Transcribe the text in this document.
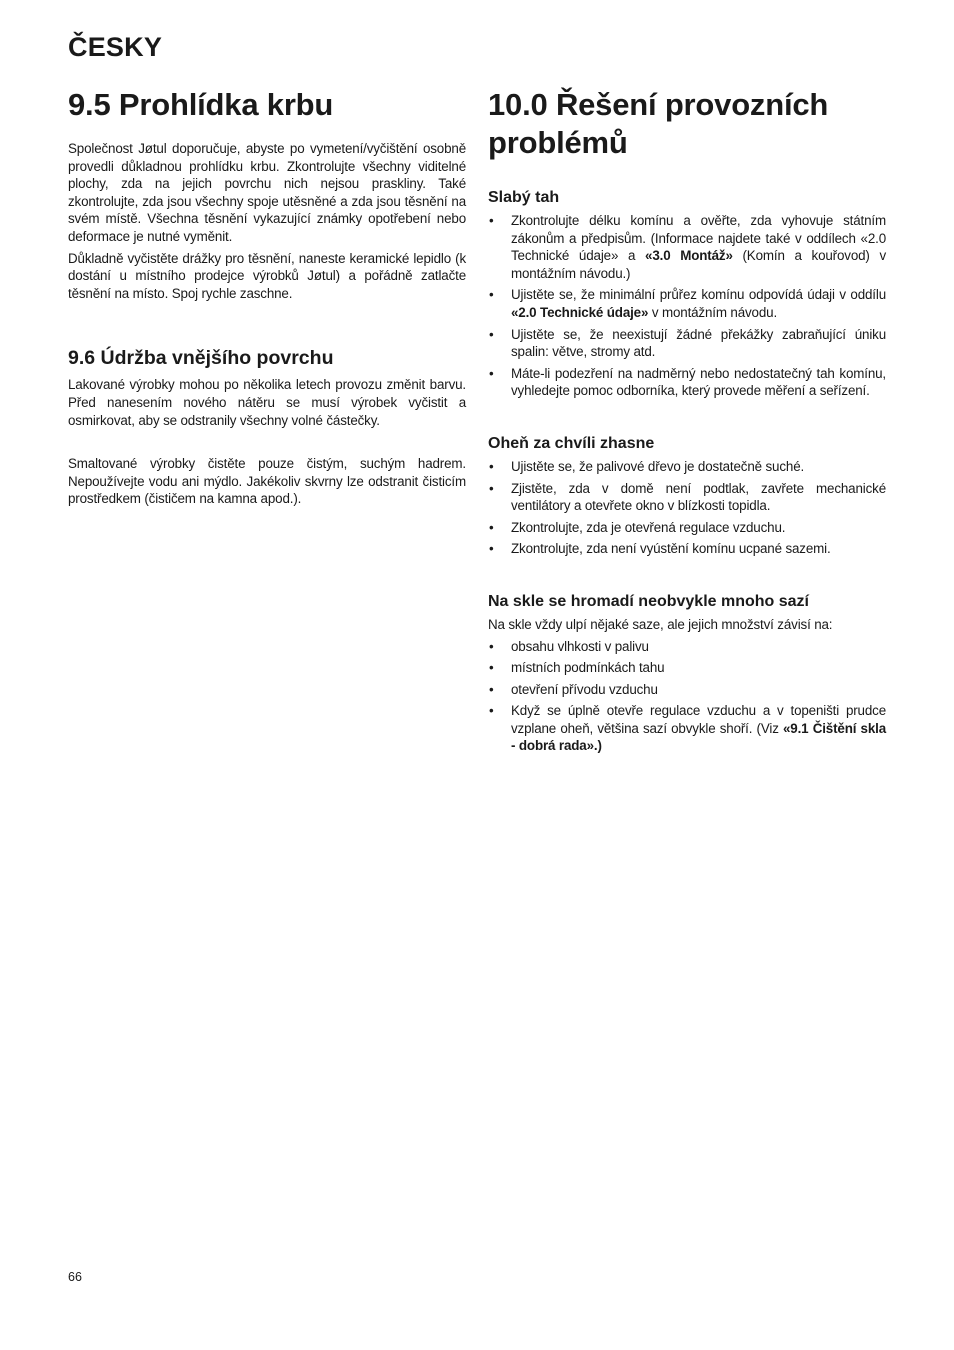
ČESKY
9.5 Prohlídka krbu

Společnost Jøtul doporučuje, abyste po vymetení/vyčištění osobně provedli důkladnou prohlídku krbu. Zkontrolujte všechny viditelné plochy, zda na jejich povrchu nich nejsou praskliny. Také zkontrolujte, zda jsou všechny spoje utěsněné a zda jsou těsnění na svém místě. Všechna těsnění vykazující známky opotřebení nebo deformace je nutné vyměnit.

Důkladně vyčistěte drážky pro těsnění, naneste keramické lepidlo (k dostání u místního prodejce výrobků Jøtul) a pořádně zatlačte těsnění na místo. Spoj rychle zaschne.

9.6 Údržba vnějšího povrchu

Lakované výrobky mohou po několika letech provozu změnit barvu. Před nanesením nového nátěru se musí výrobek vyčistit a osmirkovat, aby se odstranily všechny volné částečky.

Smaltované výrobky čistěte pouze čistým, suchým hadrem. Nepoužívejte vodu ani mýdlo. Jakékoliv skvrny lze odstranit čisticím prostředkem (čističem na kamna apod.).

10.0 Řešení provozních problémů
Slabý tah
• Zkontrolujte délku komínu a ověřte, zda vyhovuje státním zákonům a předpisům. (Informace najdete také v oddílech «2.0 Technické údaje» a «3.0 Montáž» (Komín a kouřovod) v montážním návodu.)
• Ujistěte se, že minimální průřez komínu odpovídá údaji v oddílu «2.0 Technické údaje» v montážním návodu.
• Ujistěte se, že neexistují žádné překážky zabraňující úniku spalin: větve, stromy atd.
• Máte-li podezření na nadměrný nebo nedostatečný tah komínu, vyhledejte pomoc odborníka, který provede měření a seřízení.
Oheň za chvíli zhasne
• Ujistěte se, že palivové dřevo je dostatečně suché.
• Zjistěte, zda v domě není podtlak, zavřete mechanické ventilátory a otevřete okno v blízkosti topidla.
• Zkontrolujte, zda je otevřená regulace vzduchu.
• Zkontrolujte, zda není vyústění komínu ucpané sazemi.
Na skle se hromadí neobvykle mnoho sazí

Na skle vždy ulpí nějaké saze, ale jejich množství závisí na:

• obsahu vlhkosti v palivu
• místních podmínkách tahu
• otevření přívodu vzduchu
• Když se úplně otevře regulace vzduchu a v topeništi prudce vzplane oheň, většina sazí obvykle shoří. (Viz «9.1 Čištění skla - dobrá rada».)
66
